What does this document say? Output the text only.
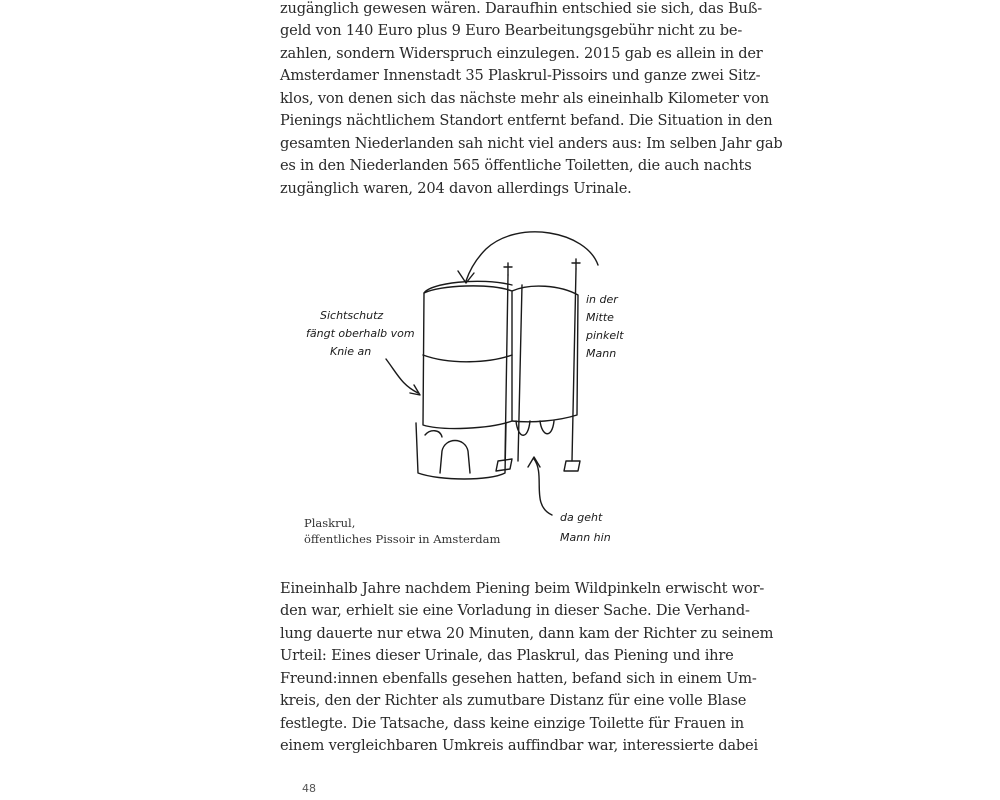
zugänglich gewesen wären. Daraufhin entschied sie sich, das Buß-
geld von 140 Euro plus 9 Euro Bearbeitungsgebühr nicht zu be-
zahlen, sondern Widerspruch einzulegen. 2015 gab es allein in der
Amsterdamer Innenstadt 35 Plaskrul-Pissoirs und ganze zwei Sitz-
klos, von denen sich das nächste mehr als eineinhalb Kilometer von
Pienings nächtlichem Standort entfernt befand. Die Situation in den
gesamten Niederlanden sah nicht viel anders aus: Im selben Jahr gab
es in den Niederlanden 565 öffentliche Toiletten, die auch nachts
zugänglich waren, 204 davon allerdings Urinale.
Sichtschutz
fängt oberhalb vom
Knie an
in der
Mitte
pinkelt
Mann
da geht
Mann hin
Plaskrul,
öffentliches Pissoir in Amsterdam
Eineinhalb Jahre nachdem Piening beim Wildpinkeln erwischt wor-
den war, erhielt sie eine Vorladung in dieser Sache. Die Verhand-
lung dauerte nur etwa 20 Minuten, dann kam der Richter zu seinem
Urteil: Eines dieser Urinale, das Plaskrul, das Piening und ihre
Freund:innen ebenfalls gesehen hatten, befand sich in einem Um-
kreis, den der Richter als zumutbare Distanz für eine volle Blase
festlegte. Die Tatsache, dass keine einzige Toilette für Frauen in
einem vergleichbaren Umkreis auffindbar war, interessierte dabei
48
